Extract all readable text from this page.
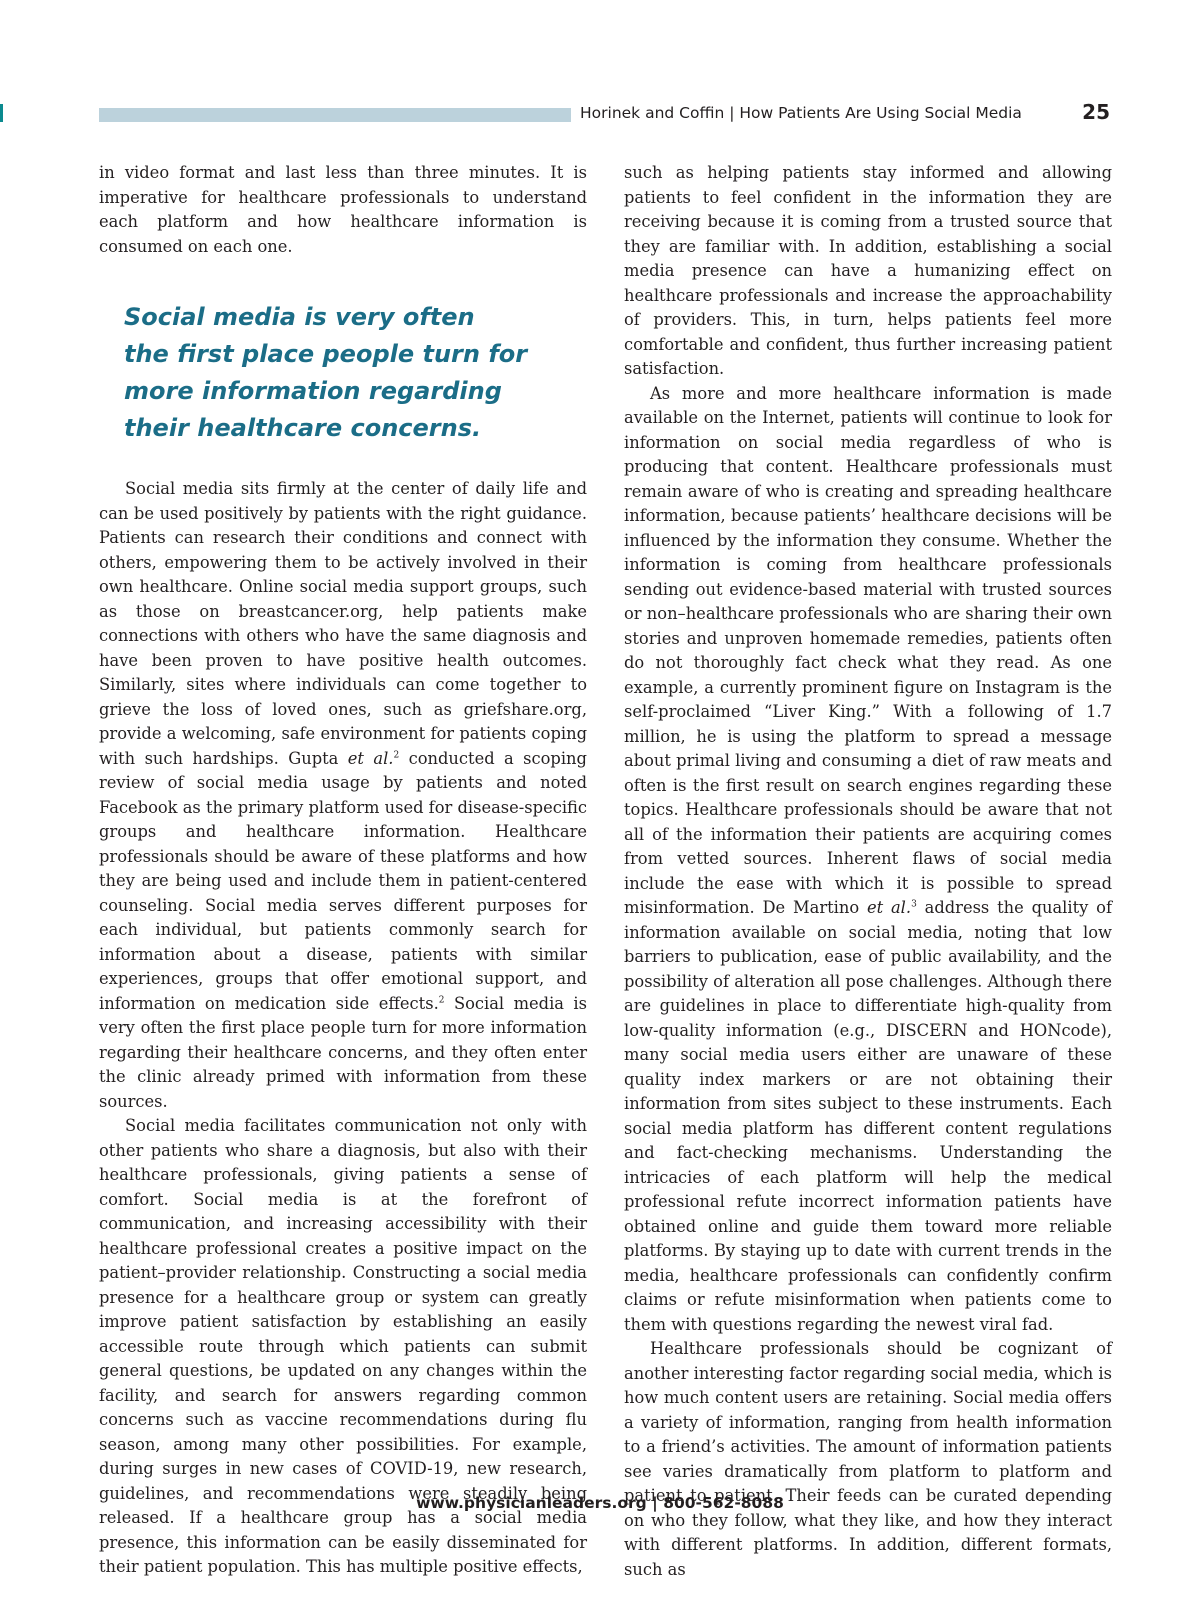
Horinek and Coffin | How Patients Are Using Social Media	25

in video format and last less than three minutes. It is imperative for healthcare professionals to understand each platform and how healthcare information is consumed on each one.

Social media is very often
the first place people turn for
more information regarding
their healthcare concerns.

Social media sits firmly at the center of daily life and can be used positively by patients with the right guidance. Patients can research their conditions and connect with others, empowering them to be actively involved in their own healthcare. Online social media support groups, such as those on breastcancer.org, help patients make connections with others who have the same diagnosis and have been proven to have positive health outcomes. Similarly, sites where individuals can come together to grieve the loss of loved ones, such as griefshare.org, provide a welcoming, safe environment for patients coping with such hardships. Gupta et al.$^2$ conducted a scoping review of social media usage by patients and noted Facebook as the primary platform used for disease-specific groups and healthcare information. Healthcare professionals should be aware of these platforms and how they are being used and include them in patient-centered counseling. Social media serves different purposes for each individual, but patients commonly search for information about a disease, patients with similar experiences, groups that offer emotional support, and information on medication side effects.$^2$ Social media is very often the first place people turn for more information regarding their healthcare concerns, and they often enter the clinic already primed with information from these sources.

Social media facilitates communication not only with other patients who share a diagnosis, but also with their healthcare professionals, giving patients a sense of comfort. Social media is at the forefront of communication, and increasing accessibility with their healthcare professional creates a positive impact on the patient–provider relationship. Constructing a social media presence for a healthcare group or system can greatly improve patient satisfaction by establishing an easily accessible route through which patients can submit general questions, be updated on any changes within the facility, and search for answers regarding common concerns such as vaccine recommendations during flu season, among many other possibilities. For example, during surges in new cases of COVID-19, new research, guidelines, and recommendations were steadily being released. If a healthcare group has a social media presence, this information can be easily disseminated for their patient population. This has multiple positive effects,

such as helping patients stay informed and allowing patients to feel confident in the information they are receiving because it is coming from a trusted source that they are familiar with. In addition, establishing a social media presence can have a humanizing effect on healthcare professionals and increase the approachability of providers. This, in turn, helps patients feel more comfortable and confident, thus further increasing patient satisfaction.

As more and more healthcare information is made available on the Internet, patients will continue to look for information on social media regardless of who is producing that content. Healthcare professionals must remain aware of who is creating and spreading healthcare information, because patients’ healthcare decisions will be influenced by the information they consume. Whether the information is coming from healthcare professionals sending out evidence-based material with trusted sources or non–healthcare professionals who are sharing their own stories and unproven homemade remedies, patients often do not thoroughly fact check what they read. As one example, a currently prominent figure on Instagram is the self-proclaimed “Liver King.” With a following of 1.7 million, he is using the platform to spread a message about primal living and consuming a diet of raw meats and often is the first result on search engines regarding these topics. Healthcare professionals should be aware that not all of the information their patients are acquiring comes from vetted sources. Inherent flaws of social media include the ease with which it is possible to spread misinformation. De Martino et al.$^3$ address the quality of information available on social media, noting that low barriers to publication, ease of public availability, and the possibility of alteration all pose challenges. Although there are guidelines in place to differentiate high-quality from low-quality information (e.g., DISCERN and HONcode), many social media users either are unaware of these quality index markers or are not obtaining their information from sites subject to these instruments. Each social media platform has different content regulations and fact-checking mechanisms. Understanding the intricacies of each platform will help the medical professional refute incorrect information patients have obtained online and guide them toward more reliable platforms. By staying up to date with current trends in the media, healthcare professionals can confidently confirm claims or refute misinformation when patients come to them with questions regarding the newest viral fad.

Healthcare professionals should be cognizant of another interesting factor regarding social media, which is how much content users are retaining. Social media offers a variety of information, ranging from health information to a friend’s activities. The amount of information patients see varies dramatically from platform to platform and patient to patient. Their feeds can be curated depending on who they follow, what they like, and how they interact with different platforms. In addition, different formats, such as

www.physicianleaders.org | 800-562-8088
